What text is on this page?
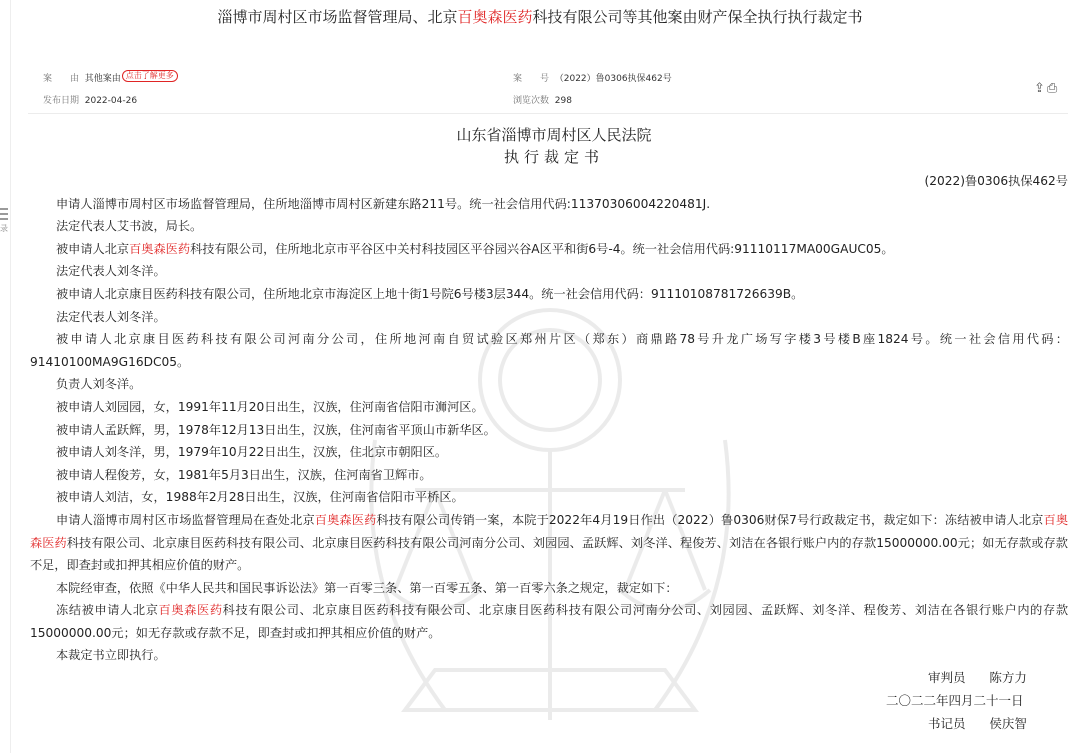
录
淄博市周村区市场监督管理局、北京百奥森医药科技有限公司等其他案由财产保全执行执行裁定书
案　　由 其他案由 点击了解更多	案　　号 （2022）鲁0306执保462号
发布日期 2022-04-26	浏览次数 298
⇪⎙
山东省淄博市周村区人民法院
执行裁定书

(2022)鲁0306执保462号

申请人淄博市周村区市场监督管理局，住所地淄博市周村区新建东路211号。统一社会信用代码:11370306004220481J.

法定代表人艾书波，局长。

被申请人北京百奥森医药科技有限公司，住所地北京市平谷区中关村科技园区平谷园兴谷A区平和街6号-4。统一社会信用代码:91110117MA00GAUC05。

法定代表人刘冬洋。

被申请人北京康目医药科技有限公司，住所地北京市海淀区上地十街1号院6号楼3层344。统一社会信用代码：91110108781726639B。

法定代表人刘冬洋。

被申请人北京康目医药科技有限公司河南分公司，住所地河南自贸试验区郑州片区（郑东）商鼎路78号升龙广场写字楼3号楼B座1824号。统一社会信用代码：91410100MA9G16DC05。

负责人刘冬洋。

被申请人刘园园，女，1991年11月20日出生，汉族，住河南省信阳市浉河区。

被申请人孟跃辉，男，1978年12月13日出生，汉族，住河南省平顶山市新华区。

被申请人刘冬洋，男，1979年10月22日出生，汉族，住北京市朝阳区。

被申请人程俊芳，女，1981年5月3日出生，汉族，住河南省卫辉市。

被申请人刘洁，女，1988年2月28日出生，汉族，住河南省信阳市平桥区。

申请人淄博市周村区市场监督管理局在查处北京百奥森医药科技有限公司传销一案，本院于2022年4月19日作出（2022）鲁0306财保7号行政裁定书，裁定如下：冻结被申请人北京百奥森医药科技有限公司、北京康目医药科技有限公司、北京康目医药科技有限公司河南分公司、刘园园、孟跃辉、刘冬洋、程俊芳、刘洁在各银行账户内的存款15000000.00元；如无存款或存款不足，即查封或扣押其相应价值的财产。

本院经审查，依照《中华人民共和国民事诉讼法》第一百零三条、第一百零五条、第一百零六条之规定，裁定如下：

冻结被申请人北京百奥森医药科技有限公司、北京康目医药科技有限公司、北京康目医药科技有限公司河南分公司、刘园园、孟跃辉、刘冬洋、程俊芳、刘洁在各银行账户内的存款15000000.00元；如无存款或存款不足，即查封或扣押其相应价值的财产。

本裁定书立即执行。

审判员 陈方力
二〇二二年四月二十一日
书记员 侯庆智
